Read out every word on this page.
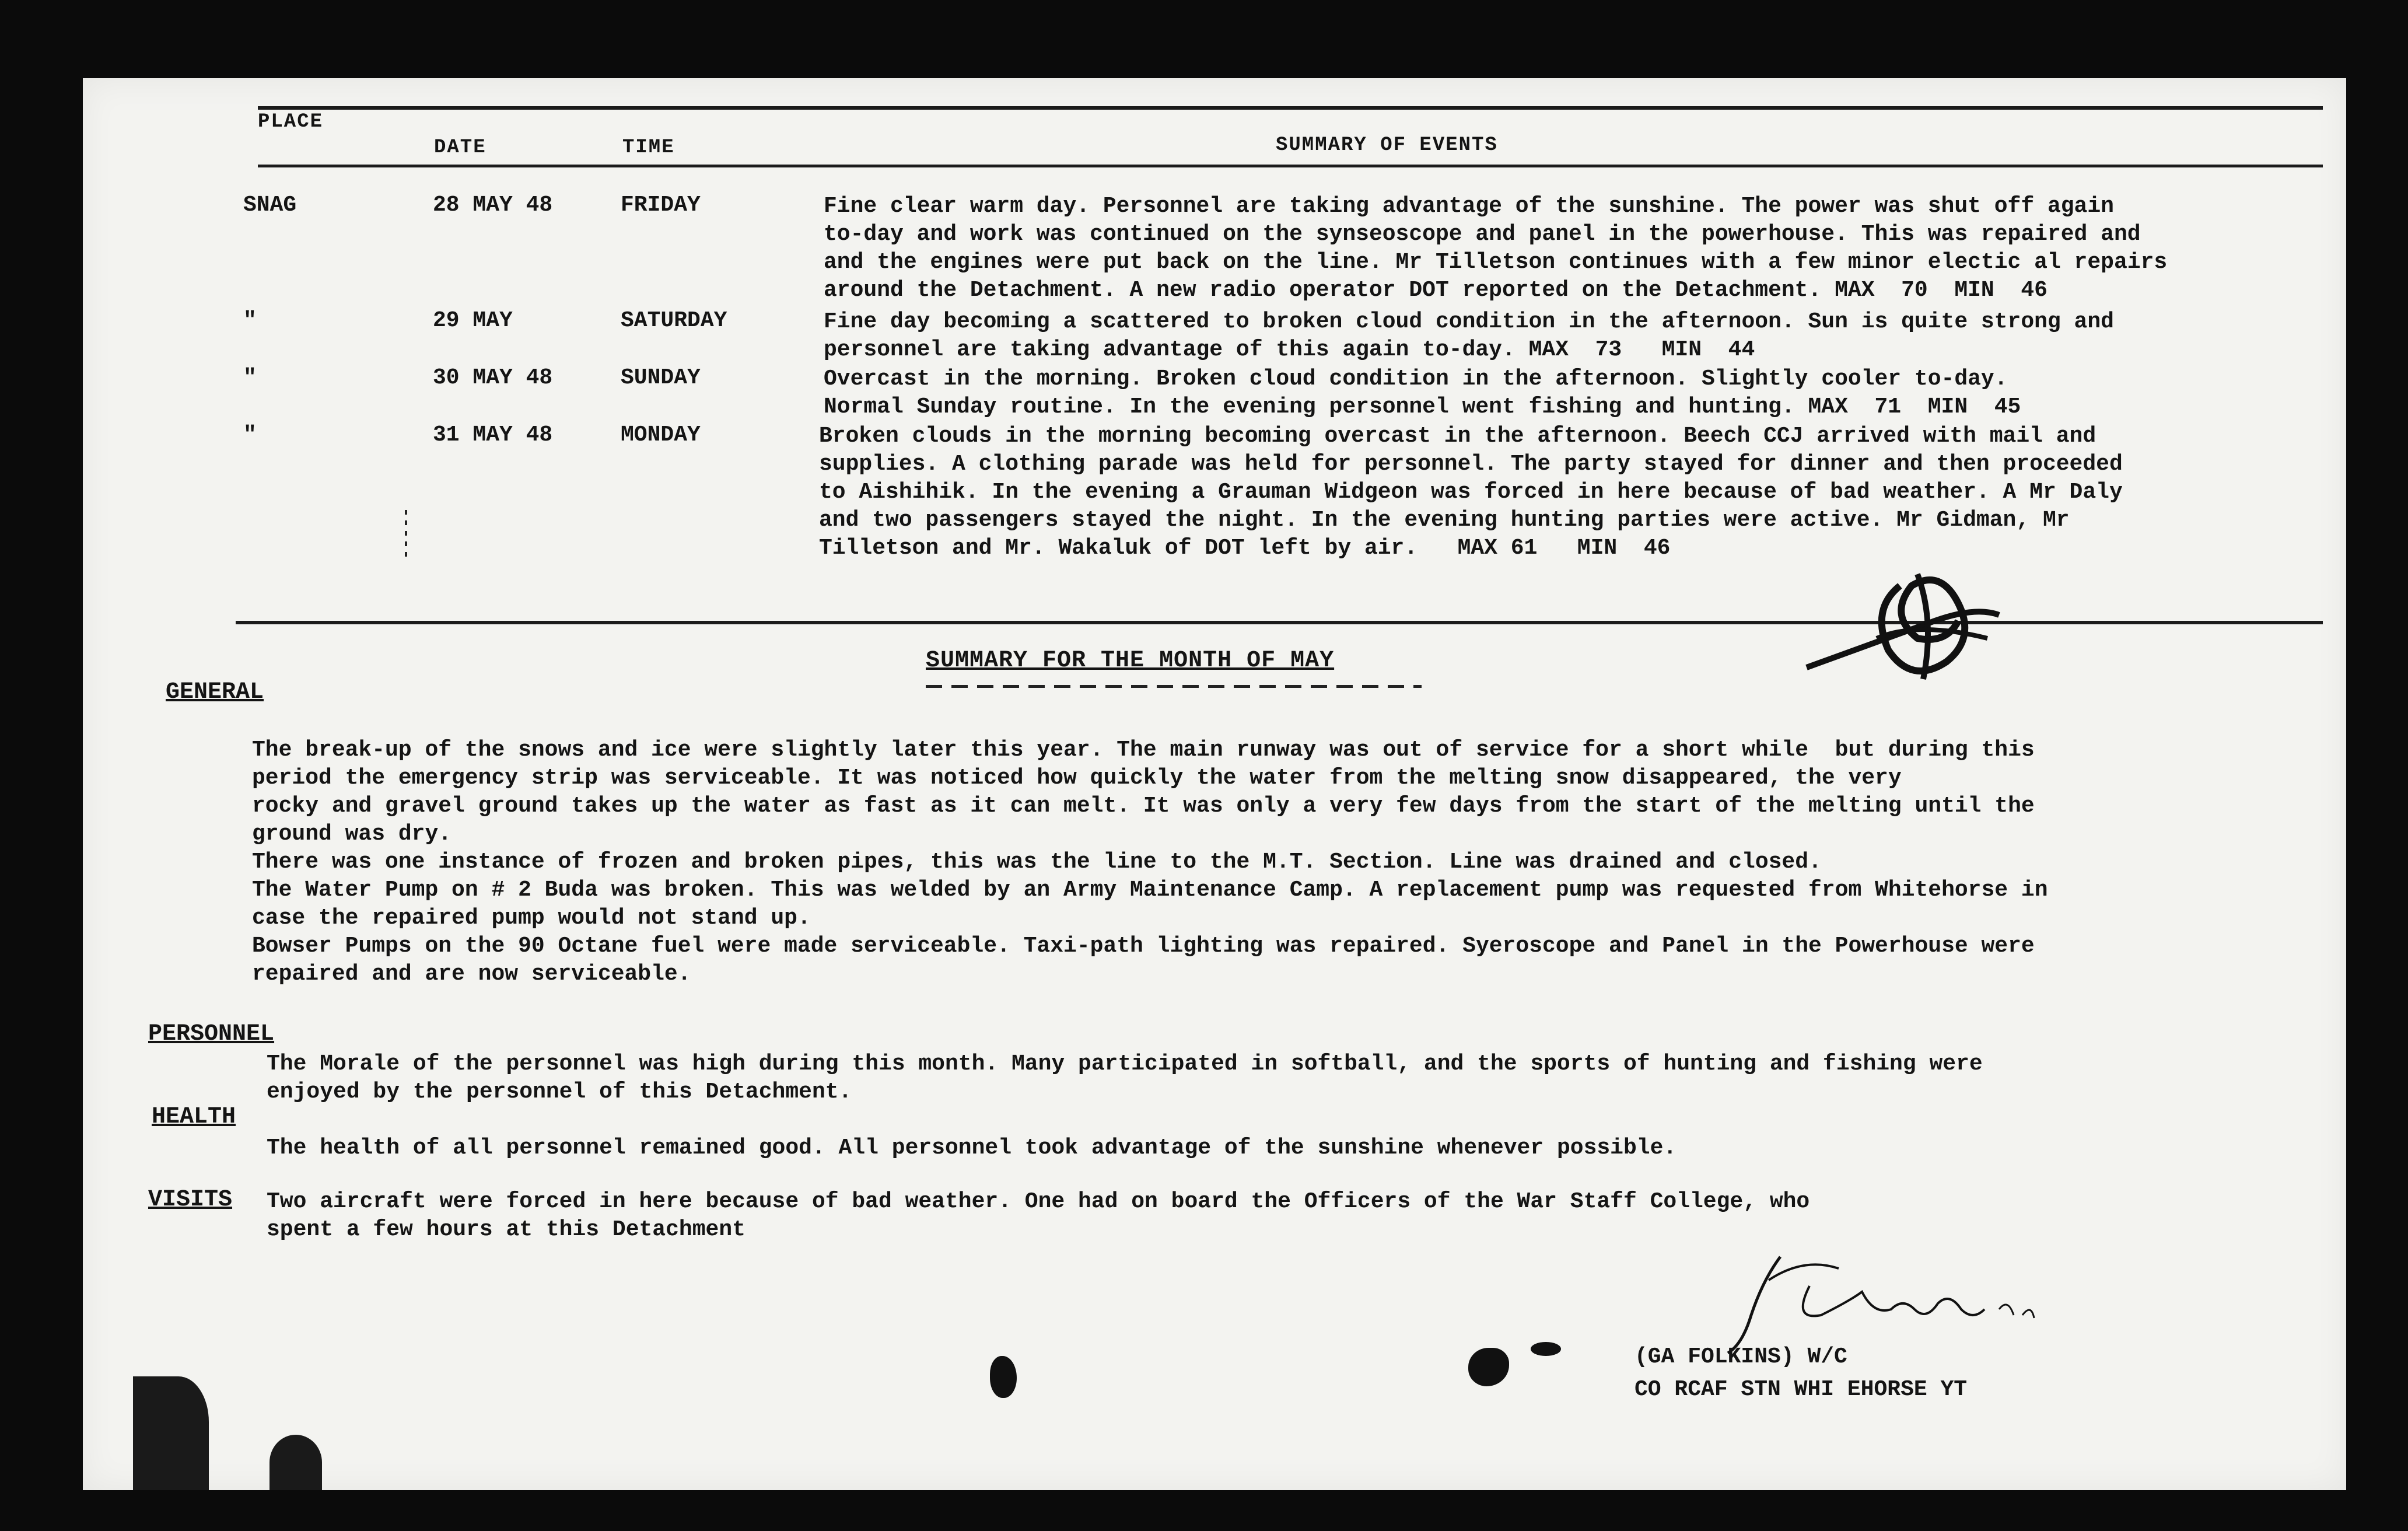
PLACE
DATE	TIME	SUMMARY OF EVENTS
SNAG	28 MAY 48	FRIDAY	Fine clear warm day. Personnel are taking advantage of the sunshine. The power was shut off again
to-day and work was continued on the synseoscope and panel in the powerhouse. This was repaired and
and the engines were put back on the line. Mr Tilletson continues with a few minor electic al repairs
around the Detachment. A new radio operator DOT reported on the Detachment. MAX  70  MIN  46
"	29 MAY	SATURDAY	Fine day becoming a scattered to broken cloud condition in the afternoon. Sun is quite strong and
personnel are taking advantage of this again to-day. MAX  73   MIN  44
"	30 MAY 48	SUNDAY	Overcast in the morning. Broken cloud condition in the afternoon. Slightly cooler to-day.
Normal Sunday routine. In the evening personnel went fishing and hunting. MAX  71  MIN  45
"	31 MAY 48	MONDAY	Broken clouds in the morning becoming overcast in the afternoon. Beech CCJ arrived with mail and
supplies. A clothing parade was held for personnel. The party stayed for dinner and then proceeded
to Aishihik. In the evening a Grauman Widgeon was forced in here because of bad weather. A Mr Daly
and two passengers stayed the night. In the evening hunting parties were active. Mr Gidman, Mr
Tilletson and Mr. Wakaluk of DOT left by air.   MAX 61   MIN  46
SUMMARY FOR THE MONTH OF MAY
GENERAL
The break-up of the snows and ice were slightly later this year. The main runway was out of service for a short while  but during this
period the emergency strip was serviceable. It was noticed how quickly the water from the melting snow disappeared, the very
rocky and gravel ground takes up the water as fast as it can melt. It was only a very few days from the start of the melting until the
ground was dry.
There was one instance of frozen and broken pipes, this was the line to the M.T. Section. Line was drained and closed.
The Water Pump on # 2 Buda was broken. This was welded by an Army Maintenance Camp. A replacement pump was requested from Whitehorse in
case the repaired pump would not stand up.
Bowser Pumps on the 90 Octane fuel were made serviceable. Taxi-path lighting was repaired. Syeroscope and Panel in the Powerhouse were
repaired and are now serviceable.
PERSONNEL
The Morale of the personnel was high during this month. Many participated in softball, and the sports of hunting and fishing were
enjoyed by the personnel of this Detachment.
HEALTH
The health of all personnel remained good. All personnel took advantage of the sunshine whenever possible.
VISITS Two aircraft were forced in here because of bad weather. One had on board the Officers of the War Staff College, who
spent a few hours at this Detachment
(GA FOLKINS) W/C
CO RCAF STN WHI EHORSE YT
